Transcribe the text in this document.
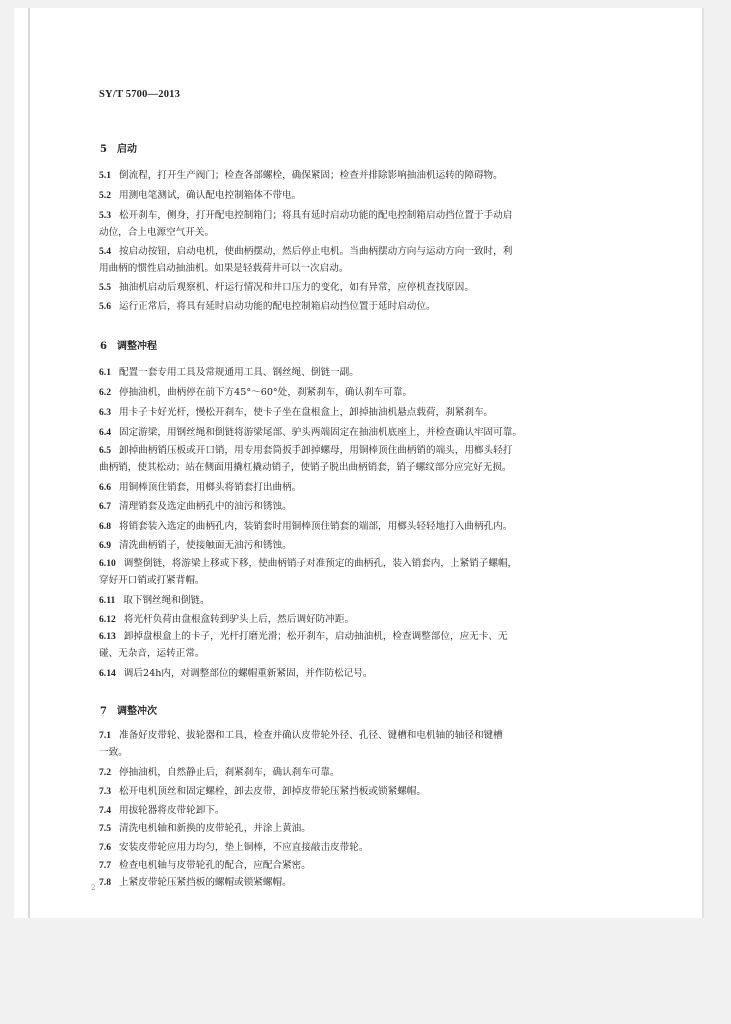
SY/T 5700—2013
5　启动
5.1 倒流程，打开生产阀门；检查各部螺栓，确保紧固；检查并排除影响抽油机运转的障碍物。
5.2 用测电笔测试，确认配电控制箱体不带电。
5.3 松开刹车，侧身，打开配电控制箱门；将具有延时启动功能的配电控制箱启动挡位置于手动启
动位，合上电源空气开关。
5.4 按启动按钮，启动电机，使曲柄摆动，然后停止电机。当曲柄摆动方向与运动方向一致时，利
用曲柄的惯性启动抽油机。如果是轻载荷井可以一次启动。
5.5 抽油机启动后观察机、杆运行情况和井口压力的变化，如有异常，应停机查找原因。
5.6 运行正常后，将具有延时启动功能的配电控制箱启动挡位置于延时启动位。
6　调整冲程
6.1 配置一套专用工具及常规通用工具、钢丝绳、倒链一副。
6.2 停抽油机，曲柄停在前下方45°～60°处，刹紧刹车，确认刹车可靠。
6.3 用卡子卡好光杆，慢松开刹车，使卡子坐在盘根盒上，卸掉抽油机悬点载荷，刹紧刹车。
6.4 固定游梁，用钢丝绳和倒链将游梁尾部、驴头两端固定在抽油机底座上，并检查确认牢固可靠。
6.5 卸掉曲柄销压板或开口销，用专用套筒扳手卸掉螺母，用铜棒顶住曲柄销的端头，用榔头轻打
曲柄销，使其松动；站在侧面用撬杠撬动销子，使销子脱出曲柄销套，销子螺纹部分应完好无损。
6.6 用铜棒顶住销套，用榔头将销套打出曲柄。
6.7 清理销套及选定曲柄孔中的油污和锈蚀。
6.8 将销套装入选定的曲柄孔内，装销套时用铜棒顶住销套的端部，用榔头轻轻地打入曲柄孔内。
6.9 清洗曲柄销子，使接触面无油污和锈蚀。
6.10 调整倒链，将游梁上移或下移，使曲柄销子对准预定的曲柄孔，装入销套内，上紧销子螺帽，
穿好开口销或打紧背帽。
6.11 取下钢丝绳和倒链。
6.12 将光杆负荷由盘根盒转到驴头上后，然后调好防冲距。
6.13 卸掉盘根盒上的卡子，光杆打磨光滑；松开刹车，启动抽油机，检查调整部位，应无卡、无
碰、无杂音，运转正常。
6.14 调后24h内，对调整部位的螺帽重新紧固，并作防松记号。
7　调整冲次
7.1 准备好皮带轮、拔轮器和工具，检查并确认皮带轮外径、孔径、键槽和电机轴的轴径和键槽
一致。
7.2 停抽油机，自然静止后，刹紧刹车，确认刹车可靠。
7.3 松开电机顶丝和固定螺栓，卸去皮带，卸掉皮带轮压紧挡板或锁紧螺帽。
7.4 用拔轮器将皮带轮卸下。
7.5 清洗电机轴和新换的皮带轮孔，并涂上黄油。
7.6 安装皮带轮应用力均匀，垫上铜棒，不应直接敲击皮带轮。
7.7 检查电机轴与皮带轮孔的配合，应配合紧密。
7.8 上紧皮带轮压紧挡板的螺帽或锁紧螺帽。
2
